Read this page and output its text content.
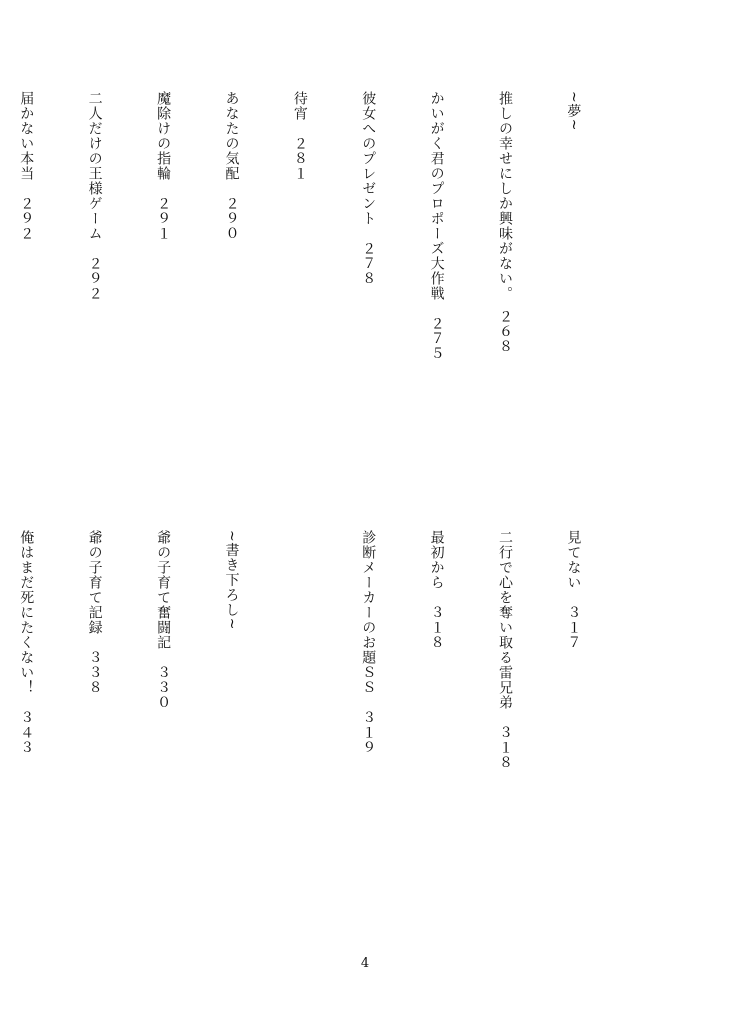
~夢~

推しの幸せにしか興味がない。　２６８

かいがく君のプロポーズ大作戦　２７５

彼女へのプレゼント　２７８

待宵　２８１

あなたの気配　２９０

魔除けの指輪　２９１

二人だけの王様ゲーム　２９２

届かない本当　２９２

見てない　３１７

二行で心を奪い取る雷兄弟　３１８

最初から　３１８

診断メーカーのお題ＳＳ　３１９

~書き下ろし~

爺の子育て奮闘記　３３０

爺の子育て記録　３３８

俺はまだ死にたくない！　３４３

4
